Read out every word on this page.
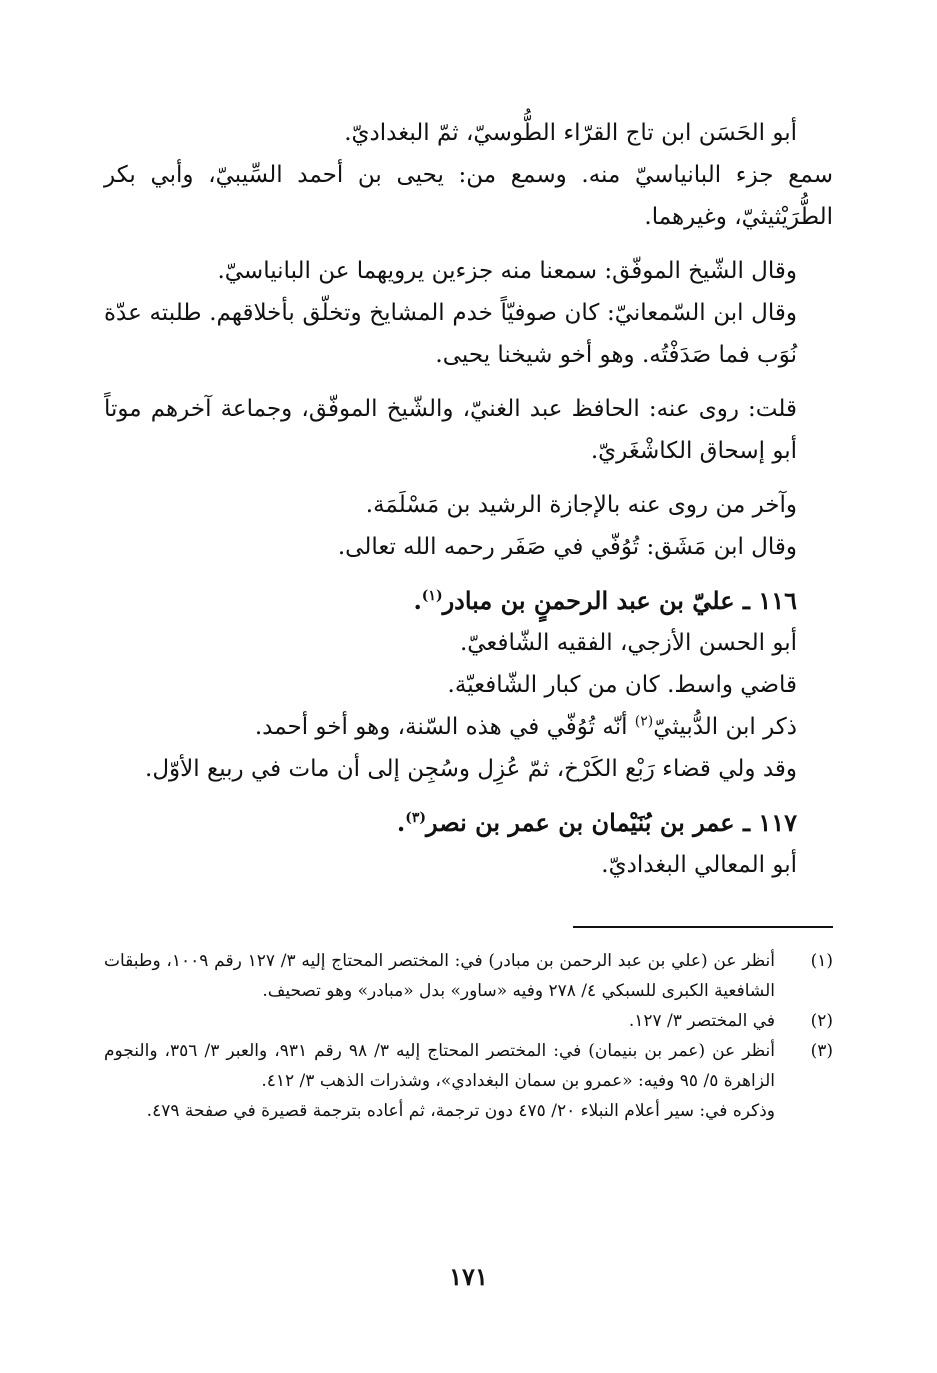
أبو الحَسَن ابن تاج القرّاء الطُّوسيّ، ثمّ البغداديّ.

سمع جزء البانياسيّ منه. وسمع من: يحيى بن أحمد السِّيبيّ، وأبي بكر الطُّرَيْثيثيّ، وغيرهما.

وقال الشّيخ الموفّق: سمعنا منه جزءين يرويهما عن البانياسيّ.

وقال ابن السّمعانيّ: كان صوفيّاً خدم المشايخ وتخلّق بأخلاقهم. طلبته عدّة نُوَب فما صَدَفْتُه. وهو أخو شيخنا يحيى.

قلت: روى عنه: الحافظ عبد الغنيّ، والشّيخ الموفّق، وجماعة آخرهم موتاً أبو إسحاق الكاشْغَريّ.

وآخر من روى عنه بالإجازة الرشيد بن مَسْلَمَة.

وقال ابن مَشَق: تُوُفّي في صَفَر رحمه الله تعالى.

١١٦ ـ عليّ بن عبد الرحمنٍ بن مبادر$^{(١)}$.

أبو الحسن الأزجي، الفقيه الشّافعيّ.

قاضي واسط. كان من كبار الشّافعيّة.

ذكر ابن الدُّبيثيّ$^{(٢)}$ أنّه تُوُفّي في هذه السّنة، وهو أخو أحمد.

وقد ولي قضاء رَبْع الكَرْخ، ثمّ عُزِل وسُجِن إلى أن مات في ربيع الأوّل.

١١٧ ـ عمر بن بُنَيْمان بن عمر بن نصر$^{(٣)}$.

أبو المعالي البغداديّ.

(١)
أنظر عن (علي بن عبد الرحمن بن مبادر) في: المختصر المحتاج إليه ٣/ ١٢٧ رقم ١٠٠٩، وطبقات الشافعية الكبرى للسبكي ٤/ ٢٧٨ وفيه «ساور» بدل «مبادر» وهو تصحيف.
(٢)
في المختصر ٣/ ١٢٧.
(٣)
أنظر عن (عمر بن بنيمان) في: المختصر المحتاج إليه ٣/ ٩٨ رقم ٩٣١، والعبر ٣/ ٣٥٦، والنجوم الزاهرة ٥/ ٩٥ وفيه: «عمرو بن سمان البغدادي»، وشذرات الذهب ٣/ ٤١٢.
وذكره في: سير أعلام النبلاء ٢٠/ ٤٧٥ دون ترجمة، ثم أعاده بترجمة قصيرة في صفحة ٤٧٩.
١٧١
